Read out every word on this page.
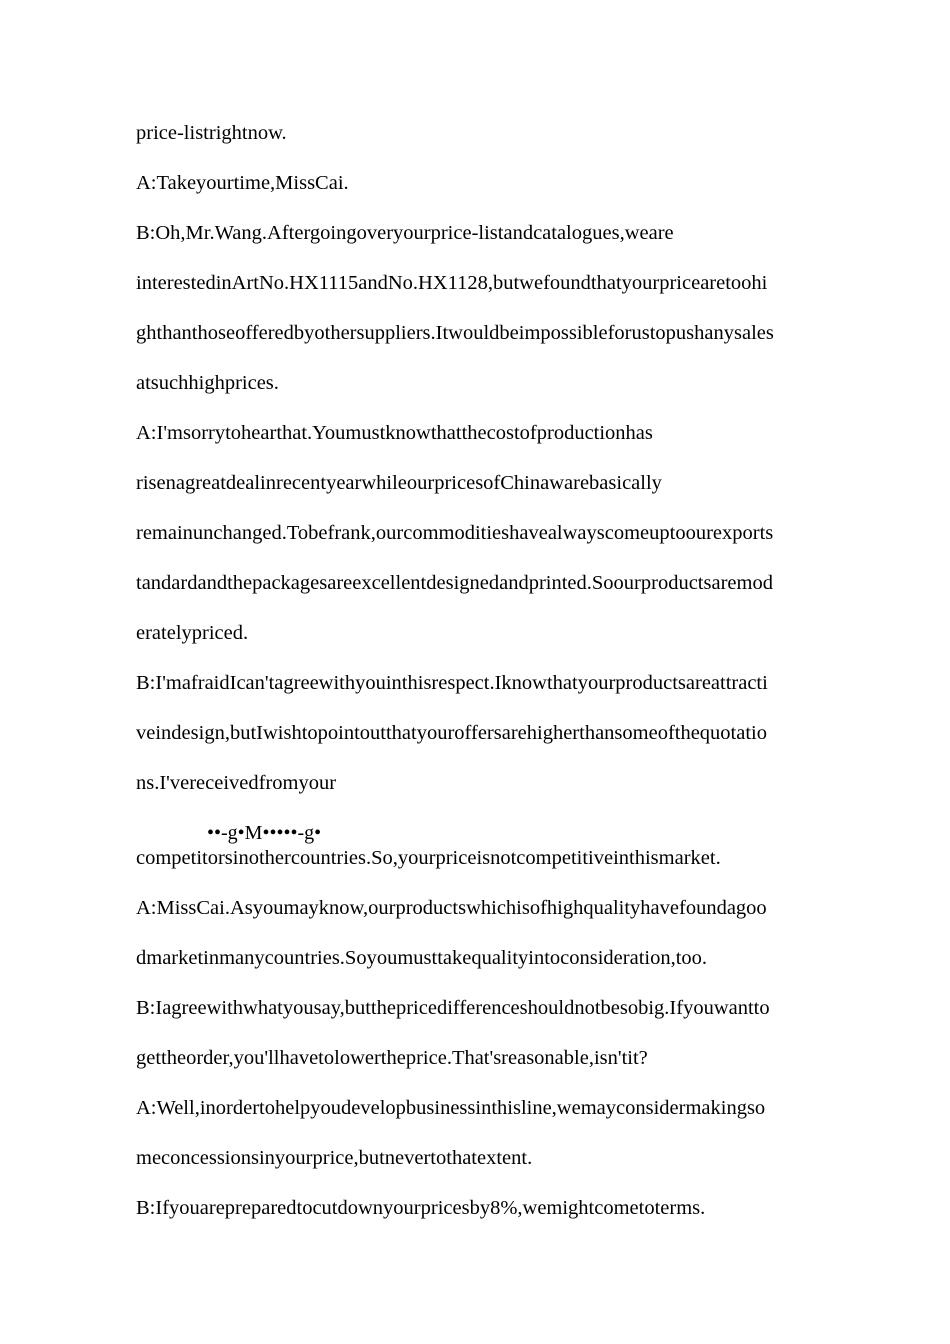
price-listrightnow.
A:Takeyourtime,MissCai.
B:Oh,Mr.Wang.Aftergoingoveryourprice-listandcatalogues,weare
interestedinArtNo.HX1115andNo.HX1128,butwefoundthatyourpricearetoohi
ghthanthoseofferedbyothersuppliers.Itwouldbeimpossibleforustopushanysales
atsuchhighprices.
A:I'msorrytohearthat.Youmustknowthatthecostofproductionhas
risenagreatdealinrecentyearwhileourpricesofChinawarebasically
remainunchanged.Tobefrank,ourcommoditieshavealwayscomeuptoourexports
tandardandthepackagesareexcellentdesignedandprinted.Soourproductsaremod
eratelypriced.
B:I'mafraidIcan'tagreewithyouinthisrespect.Iknowthatyourproductsareattracti
veindesign,butIwishtopointoutthatyouroffersarehigherthansomeofthequotatio
ns.I'vereceivedfromyour
••-g•M•••••-g•
competitorsinothercountries.So,yourpriceisnotcompetitiveinthismarket.
A:MissCai.Asyoumayknow,ourproductswhichisofhighqualityhavefoundagoo
dmarketinmanycountries.Soyoumusttakequalityintoconsideration,too.
B:Iagreewithwhatyousay,butthepricedifferenceshouldnotbesobig.Ifyouwantto
gettheorder,you'llhavetolowertheprice.That'sreasonable,isn'tit?
A:Well,inordertohelpyoudevelopbusinessinthisline,wemayconsidermakingso
meconcessionsinyourprice,butnevertothatextent.
B:Ifyouarepreparedtocutdownyourpricesby8%,wemightcometoterms.
